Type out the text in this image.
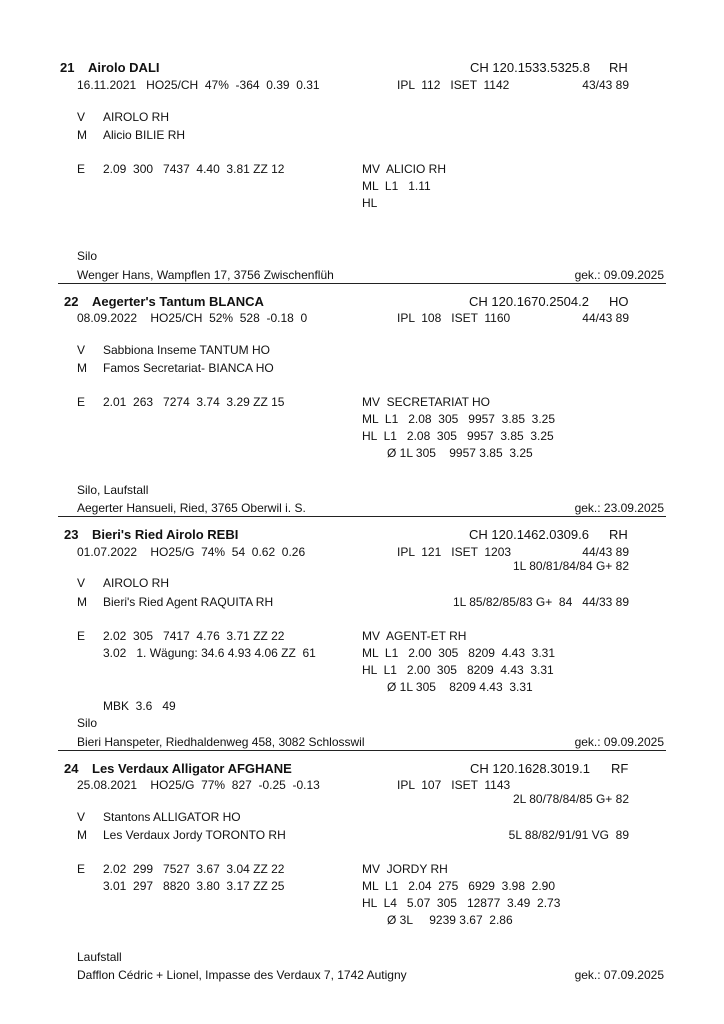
21 Airolo DALI	CH 120.1533.5325.8 RH
16.11.2021   HO25/CH  47%  -364  0.39  0.31	IPL  112   ISET  1142	43/43 89
V AIROLO RH
M Alicio BILIE RH
E 2.09  300   7437  4.40  3.81 ZZ 12	MV  ALICIO RH
ML  L1   1.11
HL
Silo
Wenger Hans, Wampflen 17, 3756 Zwischenflüh	gek.: 09.09.2025
22 Aegerter's Tantum BLANCA	CH 120.1670.2504.2 HO
08.09.2022    HO25/CH  52%  528  -0.18  0	IPL  108   ISET  1160	44/43 89
V Sabbiona Inseme TANTUM HO
M Famos Secretariat- BIANCA HO
E 2.01  263   7274  3.74  3.29 ZZ 15	MV  SECRETARIAT HO
ML  L1   2.08  305   9957  3.85  3.25
HL  L1   2.08  305   9957  3.85  3.25
Ø 1L 305    9957 3.85  3.25
Silo, Laufstall
Aegerter Hansueli, Ried, 3765 Oberwil i. S.	gek.: 23.09.2025
23 Bieri's Ried Airolo REBI	CH 120.1462.0309.6 RH
01.07.2022    HO25/G  74%  54  0.62  0.26	IPL  121   ISET  1203	44/43 89
1L 80/81/84/84 G+ 82
V AIROLO RH
M Bieri's Ried Agent RAQUITA RH	1L 85/82/85/83 G+  84   44/33 89
E 2.02  305   7417  4.76  3.71 ZZ 22
3.02   1. Wägung: 34.6 4.93 4.06 ZZ  61
MV  AGENT-ET RH
ML  L1   2.00  305   8209  4.43  3.31
HL  L1   2.00  305   8209  4.43  3.31
Ø 1L 305    8209 4.43  3.31
MBK  3.6   49
Silo
Bieri Hanspeter, Riedhaldenweg 458, 3082 Schlosswil	gek.: 09.09.2025
24 Les Verdaux Alligator AFGHANE	CH 120.1628.3019.1 RF
25.08.2021    HO25/G  77%  827  -0.25  -0.13	IPL  107   ISET  1143
2L 80/78/84/85 G+ 82
V Stantons ALLIGATOR HO
M Les Verdaux Jordy TORONTO RH	5L 88/82/91/91 VG  89
E 2.02  299   7527  3.67  3.04 ZZ 22
3.01  297   8820  3.80  3.17 ZZ 25
MV  JORDY RH
ML  L1   2.04  275   6929  3.98  2.90
HL  L4   5.07  305   12877  3.49  2.73
Ø 3L     9239 3.67  2.86
Laufstall
Dafflon Cédric + Lionel, Impasse des Verdaux 7, 1742 Autigny	gek.: 07.09.2025
